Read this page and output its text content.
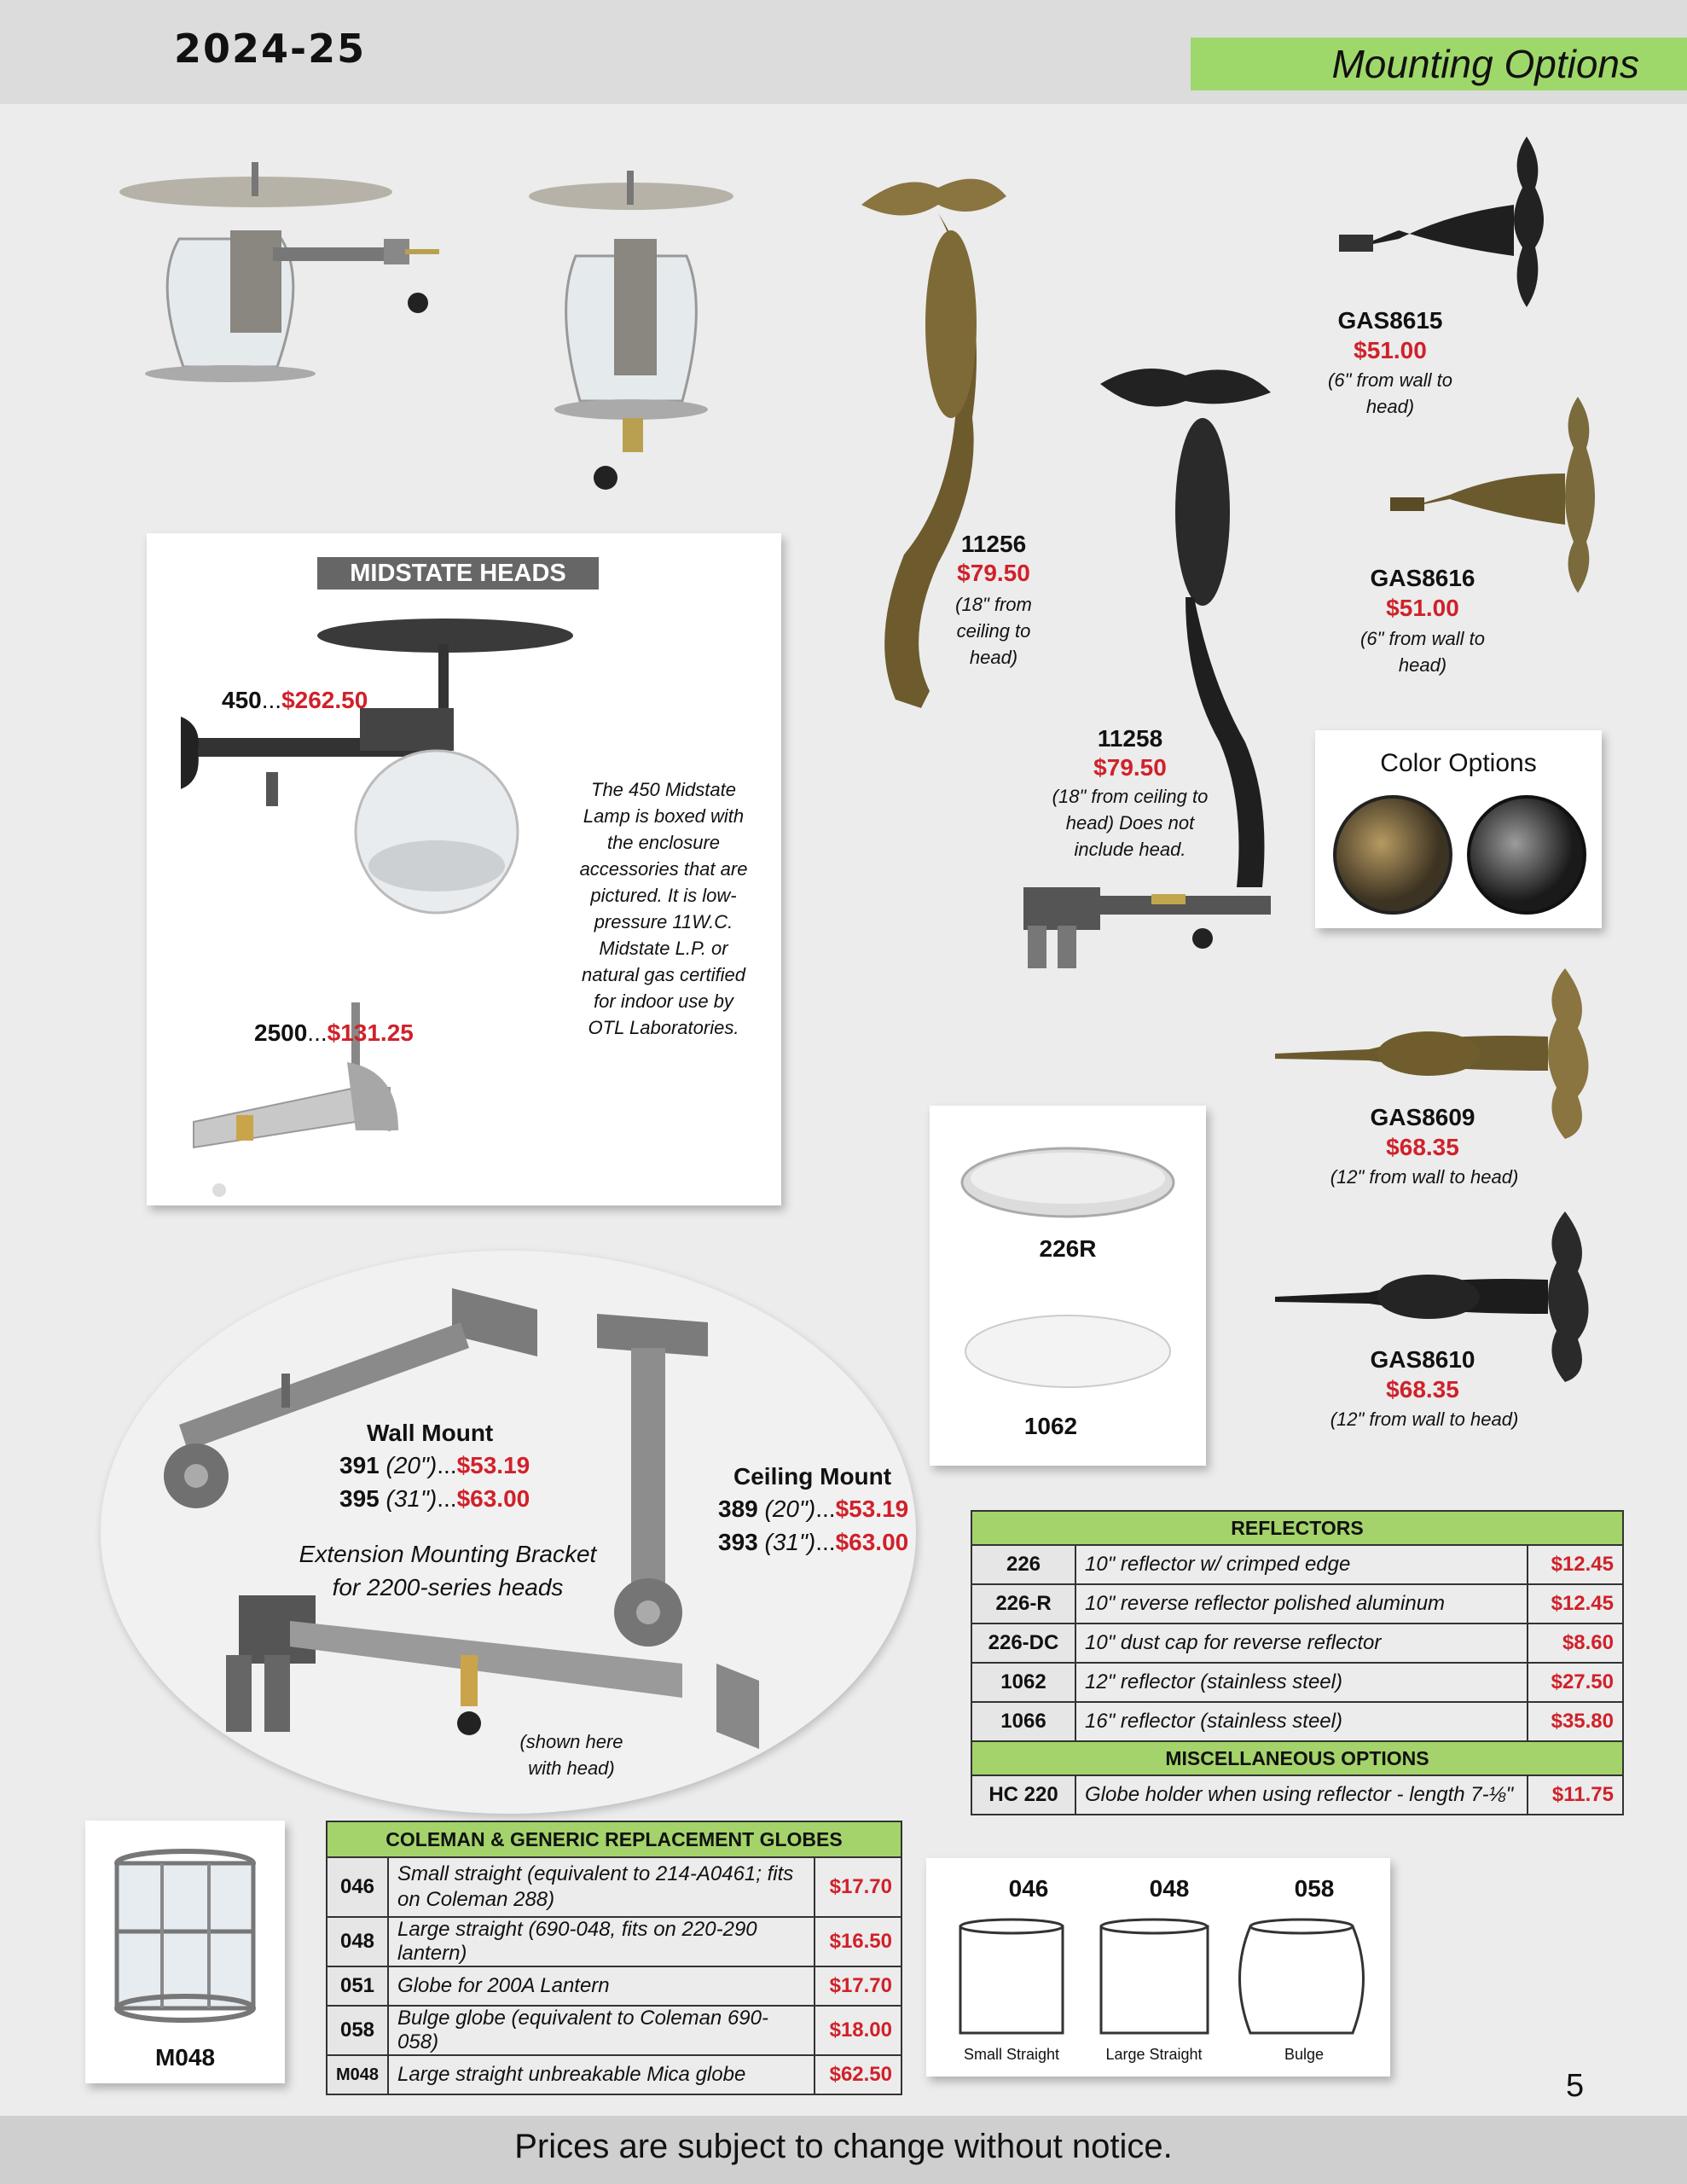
2024-25	Mounting Options
11256
$79.50
(18" from ceiling to head)
11258
$79.50
(18" from ceiling to head) Does not include head.
GAS8615
$51.00
(6" from wall to head)
GAS8616
$51.00
(6" from wall to head)
Color Options
GAS8609
$68.35
(12" from wall to head)
GAS8610
$68.35
(12" from wall to head)
MIDSTATE HEADS
450...$262.50
The 450 Midstate Lamp is boxed with the enclosure accessories that are pictured. It is low-pressure 11W.C. Midstate L.P. or natural gas certified for indoor use by OTL Laboratories.
2500...$131.25
226R
1062
Wall Mount
391 (20")...$53.19
395 (31")...$63.00
Ceiling Mount
389 (20")...$53.19
393 (31")...$63.00
Extension Mounting Bracket for 2200-series heads
(shown here with head)
REFLECTORS		
226	10" reflector w/ crimped edge	$12.45
226-R	10" reverse reflector polished aluminum	$12.45
226-DC	10" dust cap for reverse reflector	$8.60
1062	12" reflector (stainless steel)	$27.50
1066	16" reflector (stainless steel)	$35.80
MISCELLANEOUS OPTIONS		
HC 220	Globe holder when using reflector - length 7-⅛"	$11.75
M048
COLEMAN & GENERIC REPLACEMENT GLOBES		
046	Small straight (equivalent to 214-A0461; fits on Coleman 288)	$17.70
048	Large straight (690-048, fits on 220-290 lantern)	$16.50
051	Globe for 200A Lantern	$17.70
058	Bulge globe (equivalent to Coleman 690-058)	$18.00
M048	Large straight unbreakable Mica globe	$62.50
046	048	058
Small Straight	Large Straight	Bulge
5
Prices are subject to change without notice.
